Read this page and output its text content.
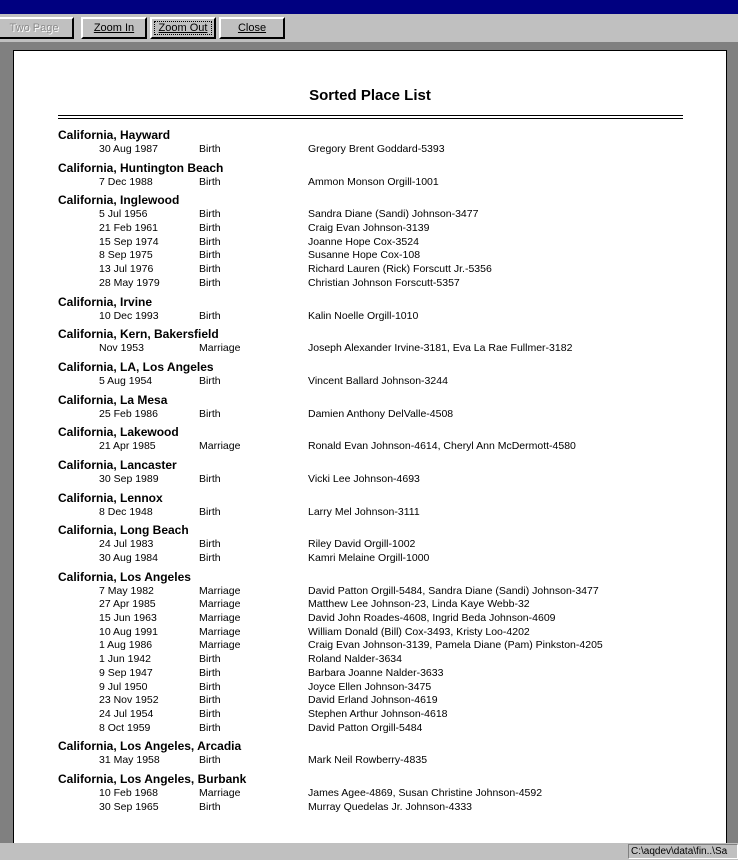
Two Page	Zoom In	Zoom Out	Close
Sorted Place List
California, Hayward
30 Aug 1987	Birth	Gregory Brent Goddard-5393
California, Huntington Beach
7 Dec 1988	Birth	Ammon Monson Orgill-1001
California, Inglewood
5 Jul 1956	Birth	Sandra Diane (Sandi) Johnson-3477
21 Feb 1961	Birth	Craig Evan Johnson-3139
15 Sep 1974	Birth	Joanne Hope Cox-3524
8 Sep 1975	Birth	Susanne Hope Cox-108
13 Jul 1976	Birth	Richard Lauren (Rick) Forscutt Jr.-5356
28 May 1979	Birth	Christian Johnson Forscutt-5357
California, Irvine
10 Dec 1993	Birth	Kalin Noelle Orgill-1010
California, Kern, Bakersfield
Nov 1953	Marriage	Joseph Alexander Irvine-3181, Eva La Rae Fullmer-3182
California, LA, Los Angeles
5 Aug 1954	Birth	Vincent Ballard Johnson-3244
California, La Mesa
25 Feb 1986	Birth	Damien Anthony DelValle-4508
California, Lakewood
21 Apr 1985	Marriage	Ronald Evan Johnson-4614, Cheryl Ann McDermott-4580
California, Lancaster
30 Sep 1989	Birth	Vicki Lee Johnson-4693
California, Lennox
8 Dec 1948	Birth	Larry Mel Johnson-3111
California, Long Beach
24 Jul 1983	Birth	Riley David Orgill-1002
30 Aug 1984	Birth	Kamri Melaine Orgill-1000
California, Los Angeles
7 May 1982	Marriage	David Patton Orgill-5484, Sandra Diane (Sandi) Johnson-3477
27 Apr 1985	Marriage	Matthew Lee Johnson-23, Linda Kaye Webb-32
15 Jun 1963	Marriage	David John Roades-4608, Ingrid Beda Johnson-4609
10 Aug 1991	Marriage	William Donald (Bill) Cox-3493, Kristy Loo-4202
1 Aug 1986	Marriage	Craig Evan Johnson-3139, Pamela Diane (Pam) Pinkston-4205
1 Jun 1942	Birth	Roland Nalder-3634
9 Sep 1947	Birth	Barbara Joanne Nalder-3633
9 Jul 1950	Birth	Joyce Ellen Johnson-3475
23 Nov 1952	Birth	David Erland Johnson-4619
24 Jul 1954	Birth	Stephen Arthur Johnson-4618
8 Oct 1959	Birth	David Patton Orgill-5484
California, Los Angeles, Arcadia
31 May 1958	Birth	Mark Neil Rowberry-4835
California, Los Angeles, Burbank
10 Feb 1968	Marriage	James Agee-4869, Susan Christine Johnson-4592
30 Sep 1965	Birth	Murray Quedelas Jr. Johnson-4333
C:\aqdev\data\fin..\Sa
